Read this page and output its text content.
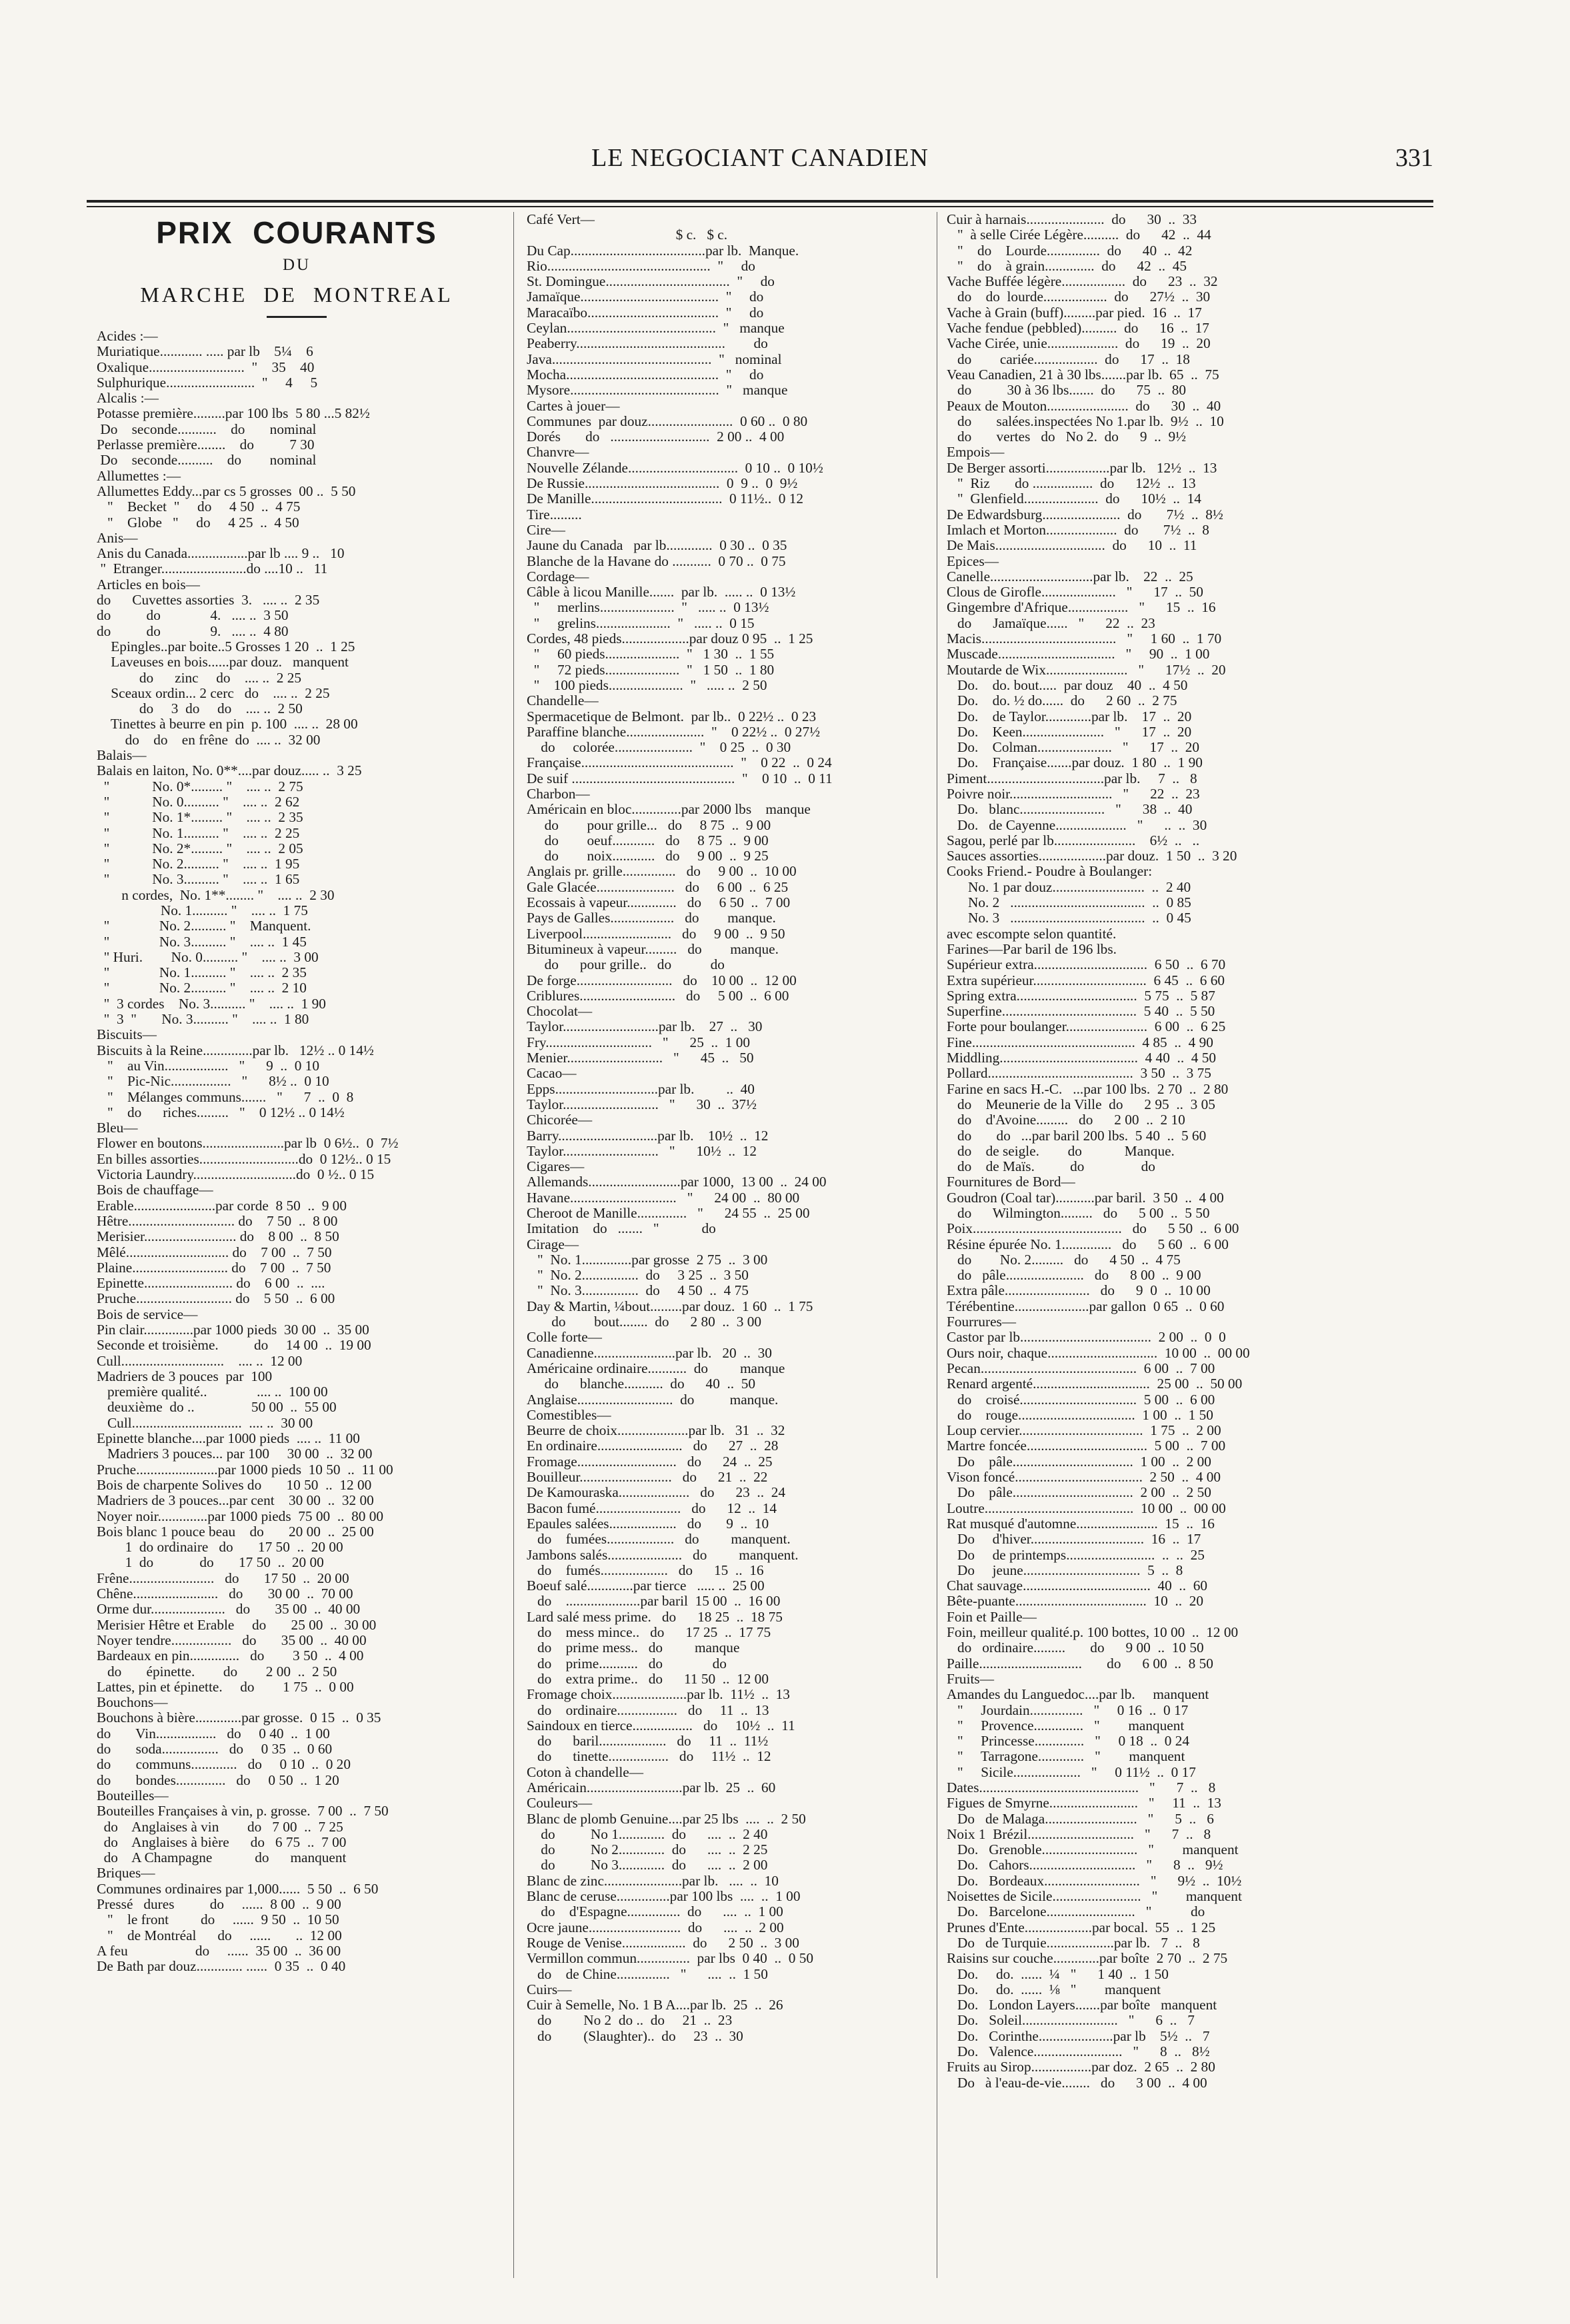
LE NEGOCIANT CANADIEN	331
PRIX  COURANTS
DU
MARCHE  DE  MONTREAL
Acides :—
Muriatique............ ..... par lb    5¼    6
Oxalique...........................  "    35    40
Sulphurique.........................  "     4     5
Alcalis :—
Potasse première.........par 100 lbs  5 80 ...5 82½
Do    seconde...........    do       nominal
Perlasse première........    do          7 30
Do    seconde..........    do        nominal
Allumettes :—
Allumettes Eddy...par cs 5 grosses  00 ..  5 50
"    Becket  "     do     4 50  ..  4 75
"    Globe   "     do     4 25  ..  4 50
Anis—
Anis du Canada.................par lb .... 9 ..   10
"  Etranger........................do ....10 ..   11
Articles en bois—
do      Cuvettes assorties  3.   .... ..  2 35
do          do              4.   .... ..  3 50
do          do              9.   .... ..  4 80
Epingles..par boite..5 Grosses 1 20  ..  1 25
Laveuses en bois......par douz.   manquent
do      zinc     do    .... ..  2 25
Sceaux ordin... 2 cerc   do    .... ..  2 25
do     3  do     do    .... ..  2 50
Tinettes à beurre en pin  p. 100  .... ..  28 00
do    do    en frêne  do  .... ..  32 00
Balais—
Balais en laiton, No. 0**....par douz..... ..  3 25
"            No. 0*......... "    .... ..  2 75
"            No. 0.......... "    .... ..  2 62
"            No. 1*......... "    .... ..  2 35
"            No. 1.......... "    .... ..  2 25
"            No. 2*......... "    .... ..  2 05
"            No. 2.......... "    .... ..  1 95
"            No. 3.......... "    .... ..  1 65
n cordes,  No. 1**........ "    .... ..  2 30
No. 1.......... "    .... ..  1 75
"              No. 2.......... "    Manquent.
"              No. 3.......... "    .... ..  1 45
" Huri.        No. 0.......... "    .... ..  3 00
"              No. 1.......... "    .... ..  2 35
"              No. 2.......... "    .... ..  2 10
"  3 cordes    No. 3.......... "    .... ..  1 90
"  3  "       No. 3.......... "    .... ..  1 80
Biscuits—
Biscuits à la Reine..............par lb.   12½ .. 0 14½
"    au Vin..................   "      9  ..  0 10
"    Pic-Nic.................   "      8½ ..  0 10
"    Mélanges communs.......   "      7  ..  0  8
"    do      riches.........   "    0 12½ .. 0 14½
Bleu—
Flower en boutons.......................par lb  0 6½..  0  7½
En billes assorties............................do  0 12½.. 0 15
Victoria Laundry.............................do  0 ½.. 0 15
Bois de chauffage—
Erable.......................par corde  8 50  ..  9 00
Hêtre.............................. do    7 50  ..  8 00
Merisier.......................... do    8 00  ..  8 50
Mêlé............................. do    7 00  ..  7 50
Plaine........................... do    7 00  ..  7 50
Epinette......................... do    6 00  ..  ....
Pruche........................... do    5 50  ..  6 00
Bois de service—
Pin clair..............par 1000 pieds  30 00  ..  35 00
Seconde et troisième.          do     14 00  ..  19 00
Cull.............................    .... ..  12 00
Madriers de 3 pouces  par  100
première qualité..              .... ..  100 00
deuxième  do ..                50 00  ..  55 00
Cull...............................  .... ..  30 00
Epinette blanche....par 1000 pieds  .... ..  11 00
Madriers 3 pouces... par 100     30 00  ..  32 00
Pruche.......................par 1000 pieds  10 50  ..  11 00
Bois de charpente Solives do       10 50  ..  12 00
Madriers de 3 pouces...par cent    30 00  ..  32 00
Noyer noir..............par 1000 pieds  75 00  ..  80 00
Bois blanc 1 pouce beau    do       20 00  ..  25 00
1  do ordinaire   do       17 50  ..  20 00
1  do             do       17 50  ..  20 00
Frêne........................   do       17 50  ..  20 00
Chêne........................   do       30 00  ..  70 00
Orme dur.....................   do       35 00  ..  40 00
Merisier Hêtre et Erable     do       25 00  ..  30 00
Noyer tendre.................   do       35 00  ..  40 00
Bardeaux en pin..............   do        3 50  ..  4 00
do       épinette.        do        2 00  ..  2 50
Lattes, pin et épinette.     do        1 75  ..  0 00
Bouchons—
Bouchons à bière.............par grosse.  0 15  ..  0 35
do       Vin.................   do     0 40  ..  1 00
do       soda................   do     0 35  ..  0 60
do       communs.............   do     0 10  ..  0 20
do       bondes..............   do     0 50  ..  1 20
Bouteilles—
Bouteilles Françaises à vin, p. grosse.  7 00  ..  7 50
do    Anglaises à vin        do   7 00  ..  7 25
do    Anglaises à bière      do   6 75  ..  7 00
do    A Champagne            do      manquent
Briques—
Communes ordinaires par 1,000......  5 50  ..  6 50
Pressé   dures          do     ......  8 00  ..  9 00
"    le front         do     ......  9 50  ..  10 50
"    de Montréal      do     ......       ..  12 00
A feu                   do     ......  35 00  ..  36 00
De Bath par douz............. ......  0 35  ..  0 40
Café Vert—
$ c.   $ c.
Du Cap......................................par lb.  Manque.
Rio..............................................  "     do
St. Domingue...................................  "     do
Jamaïque.......................................  "     do
Maracaïbo.....................................  "     do
Ceylan..........................................  "   manque
Peaberry..........................................        do
Java.............................................  "   nominal
Mocha...........................................  "     do
Mysore..........................................  "   manque
Cartes à jouer—
Communes  par douz........................  0 60 ..  0 80
Dorés       do   ............................  2 00 ..  4 00
Chanvre—
Nouvelle Zélande...............................  0 10 ..  0 10½
De Russie......................................  0  9 ..  0  9½
De Manille.....................................  0 11½..  0 12
Tire.........
Cire—
Jaune du Canada   par lb.............  0 30 ..  0 35
Blanche de la Havane do ...........  0 70 ..  0 75
Cordage—
Câble à licou Manille.......  par lb.  ..... ..  0 13½
"     merlins.....................  "   ..... ..  0 13½
"     grelins.....................  "   ..... ..  0 15
Cordes, 48 pieds...................par douz 0 95  ..  1 25
"     60 pieds.....................  "   1 30  ..  1 55
"     72 pieds.....................  "   1 50  ..  1 80
"    100 pieds.....................  "   ..... ..  2 50
Chandelle—
Spermacetique de Belmont.  par lb..  0 22½ ..  0 23
Paraffine blanche......................  "    0 22½ ..  0 27½
do     colorée......................  "    0 25  ..  0 30
Française...........................................  "    0 22  ..  0 24
De suif ..............................................  "    0 10  ..  0 11
Charbon—
Américain en bloc..............par 2000 lbs    manque
do        pour grille...   do     8 75  ..  9 00
do        oeuf............   do     8 75  ..  9 00
do        noix............   do     9 00  ..  9 25
Anglais pr. grille...............   do     9 00  ..  10 00
Gale Glacée......................   do     6 00  ..  6 25
Ecossais à vapeur..............   do     6 50  ..  7 00
Pays de Galles..................   do        manque.
Liverpool.........................   do     9 00  ..  9 50
Bitumineux à vapeur.........   do        manque.
do      pour grille..   do           do
De forge...........................   do    10 00  ..  12 00
Criblures...........................   do     5 00  ..  6 00
Chocolat—
Taylor...........................par lb.    27  ..   30
Fry..............................   "      25  ..  1 00
Menier...........................   "      45  ..   50
Cacao—
Epps.............................par lb.         ..  40
Taylor...........................   "      30  ..  37½
Chicorée—
Barry............................par lb.    10½  ..  12
Taylor...........................   "      10½  ..  12
Cigares—
Allemands..........................par 1000,  13 00  ..  24 00
Havane..............................   "      24 00  ..  80 00
Cheroot de Manille..............   "      24 55  ..  25 00
Imitation    do   .......   "            do
Cirage—
"  No. 1..............par grosse  2 75  ..  3 00
"  No. 2................  do     3 25  ..  3 50
"  No. 3................  do     4 50  ..  4 75
Day & Martin, ¼bout.........par douz.  1 60  ..  1 75
do        bout........  do      2 80  ..  3 00
Colle forte—
Canadienne.......................par lb.   20  ..  30
Américaine ordinaire...........  do         manque
do      blanche...........  do      40  ..  50
Anglaise...........................  do          manque.
Comestibles—
Beurre de choix....................par lb.   31  ..  32
En ordinaire........................   do      27  ..  28
Fromage............................   do      24  ..  25
Bouilleur..........................   do      21  ..  22
De Kamouraska....................   do      23  ..  24
Bacon fumé........................   do      12  ..  14
Epaules salées...................   do       9  ..  10
do    fumées...................   do         manquent.
Jambons salés.....................   do         manquent.
do    fumés...................   do      15  ..  16
Boeuf salé.............par tierce   ..... ..  25 00
do    .....................par baril  15 00  ..  16 00
Lard salé mess prime.   do      18 25  ..  18 75
do    mess mince..   do      17 25  ..  17 75
do    prime mess..   do         manque
do    prime...........   do              do
do    extra prime..   do      11 50  ..  12 00
Fromage choix.....................par lb.  11½  ..  13
do    ordinaire.................   do     11  ..  13
Saindoux en tierce.................   do     10½  ..  11
do      baril...................   do     11  ..  11½
do      tinette.................   do     11½  ..  12
Coton à chandelle—
Américain...........................par lb.  25  ..  60
Couleurs—
Blanc de plomb Genuine....par 25 lbs  ....  ..  2 50
do          No 1.............  do      ....  ..  2 40
do          No 2.............  do      ....  ..  2 25
do          No 3.............  do      ....  ..  2 00
Blanc de zinc......................par lb.   ....  ..  10
Blanc de ceruse...............par 100 lbs  ....  ..  1 00
do    d'Espagne...............  do      ....  ..  1 00
Ocre jaune..........................  do      ....  ..  2 00
Rouge de Venise..................  do      2 50  ..  3 00
Vermillon commun...............  par lbs  0 40  ..  0 50
do    de Chine...............   "      ....  ..  1 50
Cuirs—
Cuir à Semelle, No. 1 B A....par lb.  25  ..  26
do         No 2  do ..  do     21  ..  23
do         (Slaughter)..  do     23  ..  30
Cuir à harnais......................  do      30  ..  33
"  à selle Cirée Légère..........  do      42  ..  44
"    do    Lourde...............  do      40  ..  42
"    do    à grain..............  do      42  ..  45
Vache Buffée légère..................  do      23  ..  32
do    do  lourde..................  do      27½  ..  30
Vache à Grain (buff).........par pied.  16  ..  17
Vache fendue (pebbled)..........  do      16  ..  17
Vache Cirée, unie....................  do      19  ..  20
do        cariée..................  do      17  ..  18
Veau Canadien, 21 à 30 lbs.......par lb.  65  ..  75
do          30 à 36 lbs.......  do      75  ..  80
Peaux de Mouton.......................  do      30  ..  40
do       salées.inspectées No 1.par lb.  9½  ..  10
do       vertes   do   No 2.  do      9  ..  9½
Empois—
De Berger assorti..................par lb.   12½  ..  13
"  Riz       do .................  do      12½  ..  13
"  Glenfield.....................  do      10½  ..  14
De Edwardsburg......................  do       7½  ..  8½
Imlach et Morton....................  do       7½  ..  8
De Mais...............................  do      10  ..  11
Epices—
Canelle.............................par lb.    22  ..  25
Clous de Girofle.....................   "      17  ..  50
Gingembre d'Afrique.................   "      15  ..  16
do      Jamaïque......   "      22  ..  23
Macis......................................   "     1 60  ..  1 70
Muscade.................................   "     90  ..  1 00
Moutarde de Wix.......................   "      17½  ..  20
Do.    do. bout.....  par douz    40  ..  4 50
Do.    do. ½ do......  do      2 60  ..  2 75
Do.    de Taylor.............par lb.    17  ..  20
Do.    Keen.......................   "      17  ..  20
Do.    Colman.....................   "      17  ..  20
Do.    Française.......par douz.  1 80  ..  1 90
Piment.................................par lb.     7  ..   8
Poivre noir.............................   "      22  ..  23
Do.   blanc........................   "      38  ..  40
Do.   de Cayenne....................   "      ..  ..  30
Sagou, perlé par lb.......................    6½  ..   ..
Sauces assorties...................par douz.  1 50  ..  3 20
Cooks Friend.- Poudre à Boulanger:
No. 1 par douz..........................  ..  2 40
No. 2   ......................................  ..  0 85
No. 3   ......................................  ..  0 45
avec escompte selon quantité.
Farines—Par baril de 196 lbs.
Supérieur extra................................  6 50  ..  6 70
Extra supérieur................................  6 45  ..  6 60
Spring extra..................................  5 75  ..  5 87
Superfine......................................  5 40  ..  5 50
Forte pour boulanger.......................  6 00  ..  6 25
Fine..............................................  4 85  ..  4 90
Middling.......................................  4 40  ..  4 50
Pollard.........................................  3 50  ..  3 75
Farine en sacs H.-C.   ...par 100 lbs.  2 70  ..  2 80
do    Meunerie de la Ville  do      2 95  ..  3 05
do    d'Avoine.........   do      2 00  ..  2 10
do       do   ...par baril 200 lbs.  5 40  ..  5 60
do    de seigle.        do            Manque.
do    de Maïs.          do                do
Fournitures de Bord—
Goudron (Coal tar)...........par baril.  3 50  ..  4 00
do      Wilmington.........   do      5 00  ..  5 50
Poix..........................................   do      5 50  ..  6 00
Résine épurée No. 1..............   do      5 60  ..  6 00
do        No. 2.........   do      4 50  ..  4 75
do   pâle......................   do      8 00  ..  9 00
Extra pâle........................   do      9  0  ..  10 00
Térébentine.....................par gallon  0 65  ..  0 60
Fourrures—
Castor par lb.....................................  2 00  ..  0  0
Ours noir, chaque...............................  10 00  ..  00 00
Pecan............................................  6 00  ..  7 00
Renard argenté.................................  25 00  ..  50 00
do    croisé.................................  5 00  ..  6 00
do    rouge.................................  1 00  ..  1 50
Loup cervier...................................  1 75  ..  2 00
Martre foncée..................................  5 00  ..  7 00
Do    pâle..................................  1 00  ..  2 00
Vison foncé....................................  2 50  ..  4 00
Do    pâle..................................  2 00  ..  2 50
Loutre..........................................  10 00  ..  00 00
Rat musqué d'automne.......................  15  ..  16
Do     d'hiver................................  16  ..  17
Do     de printemps.........................  ..  ..  25
Do     jeune.................................  5  ..  8
Chat sauvage....................................  40  ..  60
Bête-puante.....................................  10  ..  20
Foin et Paille—
Foin, meilleur qualité.p. 100 bottes, 10 00  ..  12 00
do   ordinaire.........       do      9 00  ..  10 50
Paille.............................       do      6 00  ..  8 50
Fruits—
Amandes du Languedoc....par lb.     manquent
"     Jourdain...............   "     0 16  ..  0 17
"     Provence..............   "        manquent
"     Princesse..............   "     0 18  ..  0 24
"     Tarragone.............   "        manquent
"     Sicile...................   "     0 11½  ..  0 17
Dates.............................................   "      7  ..   8
Figues de Smyrne.........................   "     11  ..  13
Do   de Malaga..........................   "      5  ..   6
Noix 1  Brézil..............................   "      7  ..   8
Do.   Grenoble...........................   "        manquent
Do.   Cahors..............................   "      8  ..   9½
Do.   Bordeaux...........................   "      9½  ..  10½
Noisettes de Sicile.........................   "        manquent
Do.   Barcelone.........................   "           do
Prunes d'Ente...................par bocal.  55  ..  1 25
Do   de Turquie...................par lb.   7  ..   8
Raisins sur couche.............par boîte  2 70  ..  2 75
Do.     do.  ......  ¼   "      1 40  ..  1 50
Do.     do.  ......  ⅛   "        manquent
Do.   London Layers.......par boîte   manquent
Do.   Soleil...........................   "      6  ..   7
Do.   Corinthe.....................par lb    5½  ..   7
Do.   Valence.........................   "      8  ..   8½
Fruits au Sirop.................par doz.  2 65  ..  2 80
Do   à l'eau-de-vie........   do      3 00  ..  4 00
